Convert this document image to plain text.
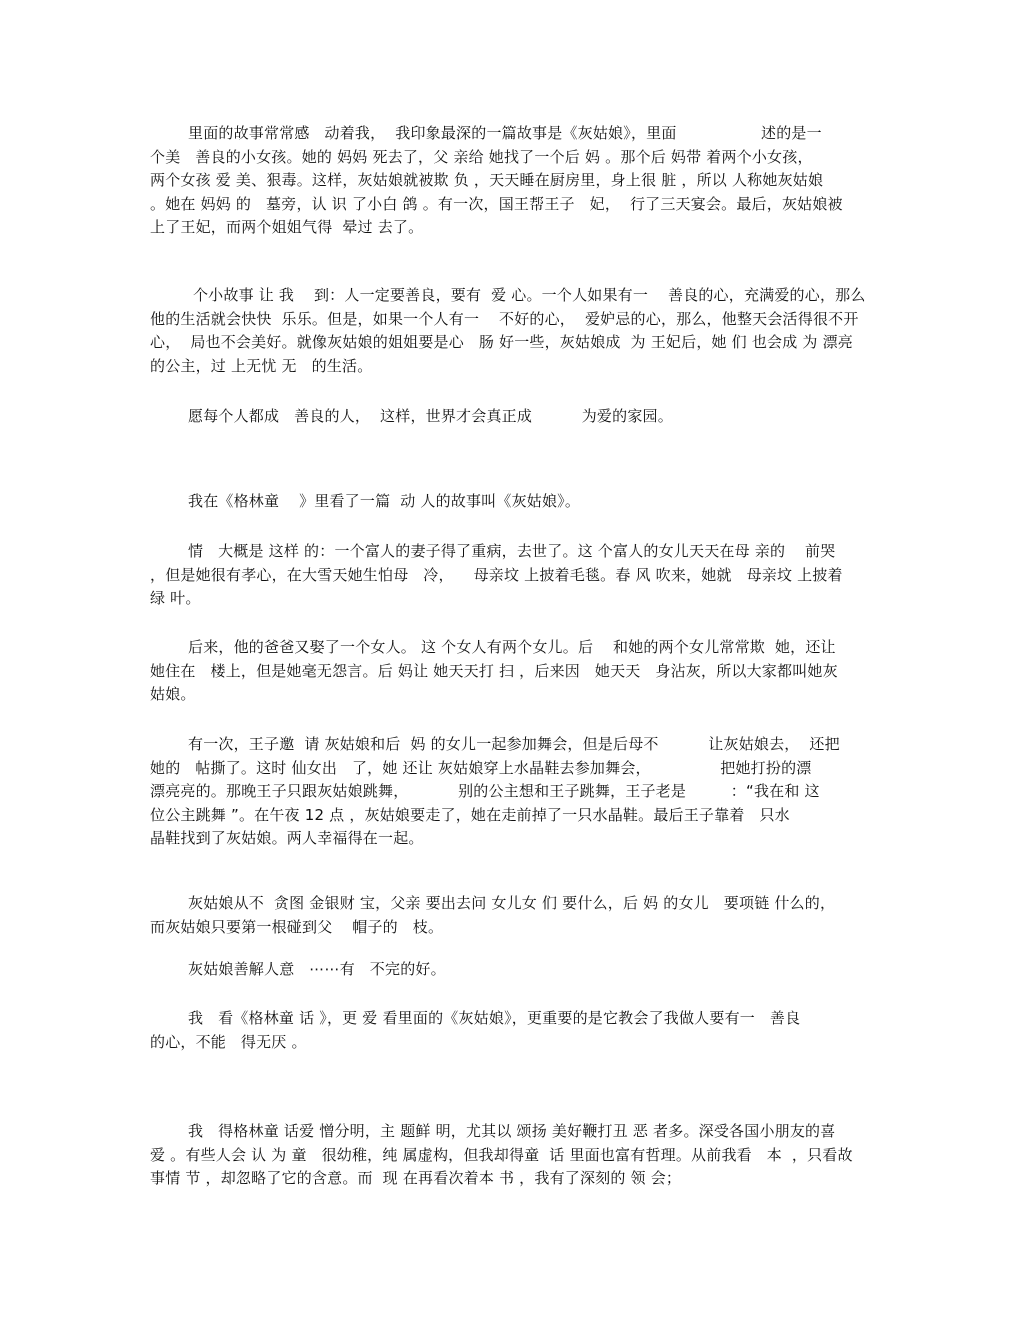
里面的故事常常感   动着我，  我印象最深的一篇故事是《灰姑娘》，里面                 述的是一
个美   善良的小女孩。她的 妈妈 死去了，父 亲给 她找了一个后 妈 。那个后 妈带 着两个小女孩，
两个女孩 爱 美、狠毒。这样，灰姑娘就被欺 负 ，天天睡在厨房里，身上很 脏 ，所以 人称她灰姑娘
。她在 妈妈 的   墓旁，认 识 了小白 鸽 。有一次，国王帮王子   妃，  行了三天宴会。最后，灰姑娘被
上了王妃，而两个姐姐气得  晕过 去了。

个小故事 让 我    到：人一定要善良，要有  爱 心。一个人如果有一    善良的心，充满爱的心，那么
他的生活就会快快  乐乐。但是，如果一个人有一    不好的心，  爱妒忌的心，那么，他整天会活得很不开
心，  局也不会美好。就像灰姑娘的姐姐要是心   肠 好一些，灰姑娘成  为 王妃后，她 们 也会成 为 漂亮
的公主，过 上无忧 无   的生活。

愿每个人都成   善良的人，  这样，世界才会真正成          为爱的家园。

我在《格林童    》里看了一篇  动 人的故事叫《灰姑娘》。

情   大概是 这样 的：一个富人的妻子得了重病，去世了。这 个富人的女儿天天在母 亲的    前哭
，但是她很有孝心，在大雪天她生怕母   冷，    母亲坟 上披着毛毯。春 风 吹来，她就   母亲坟 上披着
绿 叶。

后来，他的爸爸又娶了一个女人。 这 个女人有两个女儿。后    和她的两个女儿常常欺  她，还让
她住在   楼上，但是她毫无怨言。后 妈让 她天天打 扫 ，后来因   她天天   身沾灰，所以大家都叫她灰
姑娘。

有一次，王子邀  请 灰姑娘和后  妈 的女儿一起参加舞会，但是后母不          让灰姑娘去，  还把
她的   帖撕了。这时 仙女出   了，她 还让 灰姑娘穿上水晶鞋去参加舞会，              把她打扮的漂
漂亮亮的。那晚王子只跟灰姑娘跳舞，          别的公主想和王子跳舞，王子老是         ：“我在和 这
位公主跳舞 ”。在午夜 12 点 ，灰姑娘要走了，她在走前掉了一只水晶鞋。最后王子靠着   只水
晶鞋找到了灰姑娘。两人幸福得在一起。

灰姑娘从不  贪图 金银财 宝，父亲 要出去问 女儿女 们 要什么，后 妈 的女儿   要项链 什么的，
而灰姑娘只要第一根碰到父    帽子的   枝。

灰姑娘善解人意   ⋯⋯有   不完的好。

我   看《格林童 话 》，更 爱 看里面的《灰姑娘》，更重要的是它教会了我做人要有一   善良
的心，不能   得无厌 。

我   得格林童 话爱 憎分明，主 题鲜 明，尤其以 颂扬 美好鞭打丑 恶 者多。深受各国小朋友的喜
爱 。有些人会 认 为 童   很幼稚，纯 属虚构，但我却得童  话 里面也富有哲理。从前我看   本  ，只看故
事情 节 ，却忽略了它的含意。而  现 在再看次着本 书 ，我有了深刻的 领 会；
